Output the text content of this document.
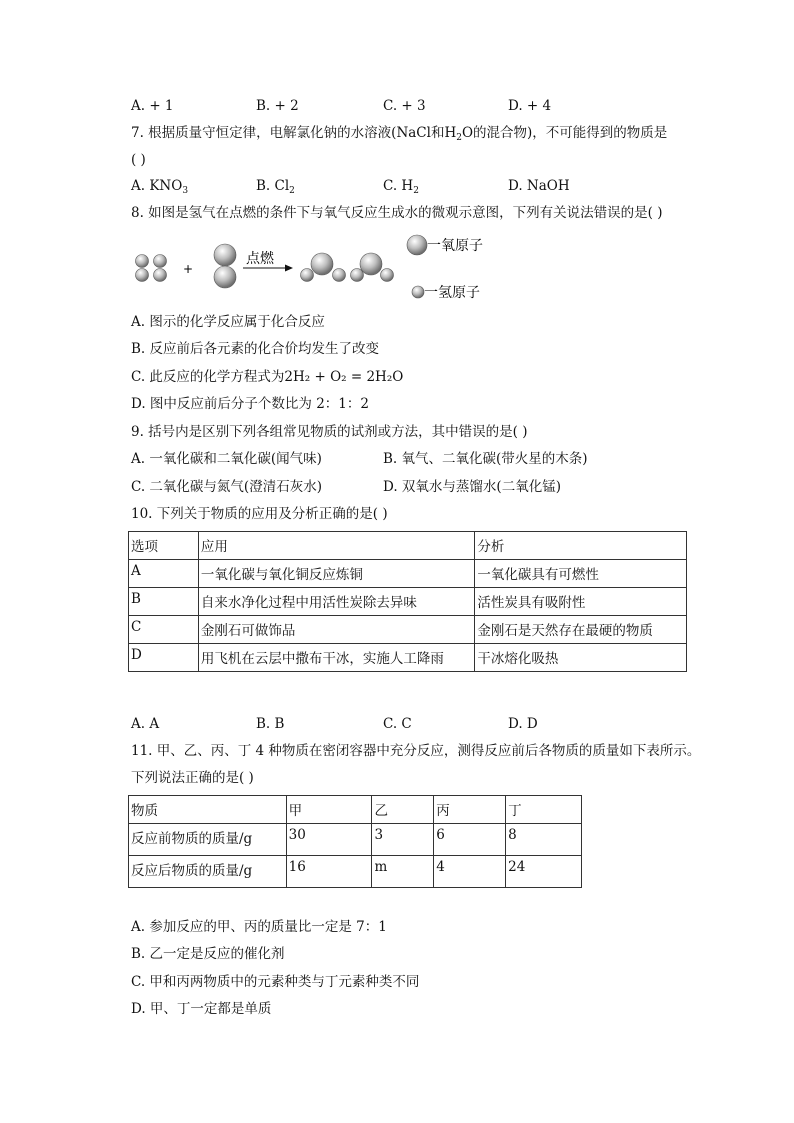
A. + 1	B. + 2	C. + 3	D. + 4
7. 根据质量守恒定律，电解氯化钠的水溶液(NaCl和$H_2O$的混合物)，不可能得到的物质是
( )
A. $KNO_3$	B. $Cl_2$	C. $H_2$	D. NaOH
8. 如图是氢气在点燃的条件下与氧气反应生成水的微观示意图，下列有关说法错误的是( )
+
点燃
一氧原子
一氢原子
A. 图示的化学反应属于化合反应
B. 反应前后各元素的化合价均发生了改变
C. 此反应的化学方程式为2H₂ + O₂ = 2H₂O
D. 图中反应前后分子个数比为 2：1：2
9. 括号内是区别下列各组常见物质的试剂或方法，其中错误的是( )
A. 一氧化碳和二氧化碳(闻气味)	B. 氧气、二氧化碳(带火星的木条)
C. 二氧化碳与氮气(澄清石灰水)	D. 双氧水与蒸馏水(二氧化锰)
10. 下列关于物质的应用及分析正确的是( )
选项	应用	分析
A	一氧化碳与氧化铜反应炼铜	一氧化碳具有可燃性
B	自来水净化过程中用活性炭除去异味	活性炭具有吸附性
C	金刚石可做饰品	金刚石是天然存在最硬的物质
D	用飞机在云层中撒布干冰，实施人工降雨	干冰熔化吸热
A. A	B. B	C. C	D. D
11. 甲、乙、丙、丁 4 种物质在密闭容器中充分反应，测得反应前后各物质的质量如下表所示。
下列说法正确的是( )
物质	甲	乙	丙	丁
反应前物质的质量/g	30	3	6	8
反应后物质的质量/g	16	m	4	24
A. 参加反应的甲、丙的质量比一定是 7：1
B. 乙一定是反应的催化剂
C. 甲和丙两物质中的元素种类与丁元素种类不同
D. 甲、丁一定都是单质
